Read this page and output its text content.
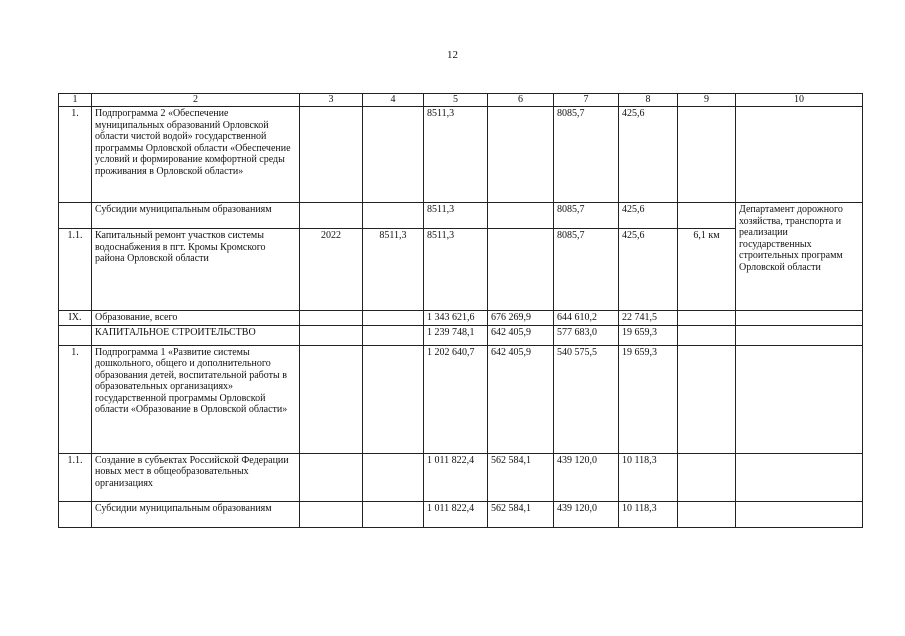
12
1	2	3	4	5	6	7	8	9	10
1.	Подпрограмма 2 «Обеспечение муниципальных образований Орловской области чистой водой» государственной программы Орловской области «Обеспечение условий и формирование комфортной среды проживания в Орловской области»			8511,3		8085,7	425,6		
	Субсидии муниципальным образованиям			8511,3		8085,7	425,6		Департамент дорожного хозяйства, транспорта и реализации государственных строительных программ Орловской области
1.1.	Капитальный ремонт участков системы водоснабжения в пгт. Кромы Кромского района Орловской области	2022	8511,3	8511,3		8085,7	425,6	6,1 км	
IX.	Образование, всего			1 343 621,6	676 269,9	644 610,2	22 741,5		
	КАПИТАЛЬНОЕ СТРОИТЕЛЬСТВО			1 239 748,1	642 405,9	577 683,0	19 659,3		
1.	Подпрограмма 1 «Развитие системы дошкольного, общего и дополнительного образования детей, воспитательной работы в образовательных организациях» государственной программы Орловской области «Образование в Орловской области»			1 202 640,7	642 405,9	540 575,5	19 659,3		
1.1.	Создание в субъектах Российской Федерации новых мест в общеобразовательных организациях			1 011 822,4	562 584,1	439 120,0	10 118,3		
	Субсидии муниципальным образованиям			1 011 822,4	562 584,1	439 120,0	10 118,3		
